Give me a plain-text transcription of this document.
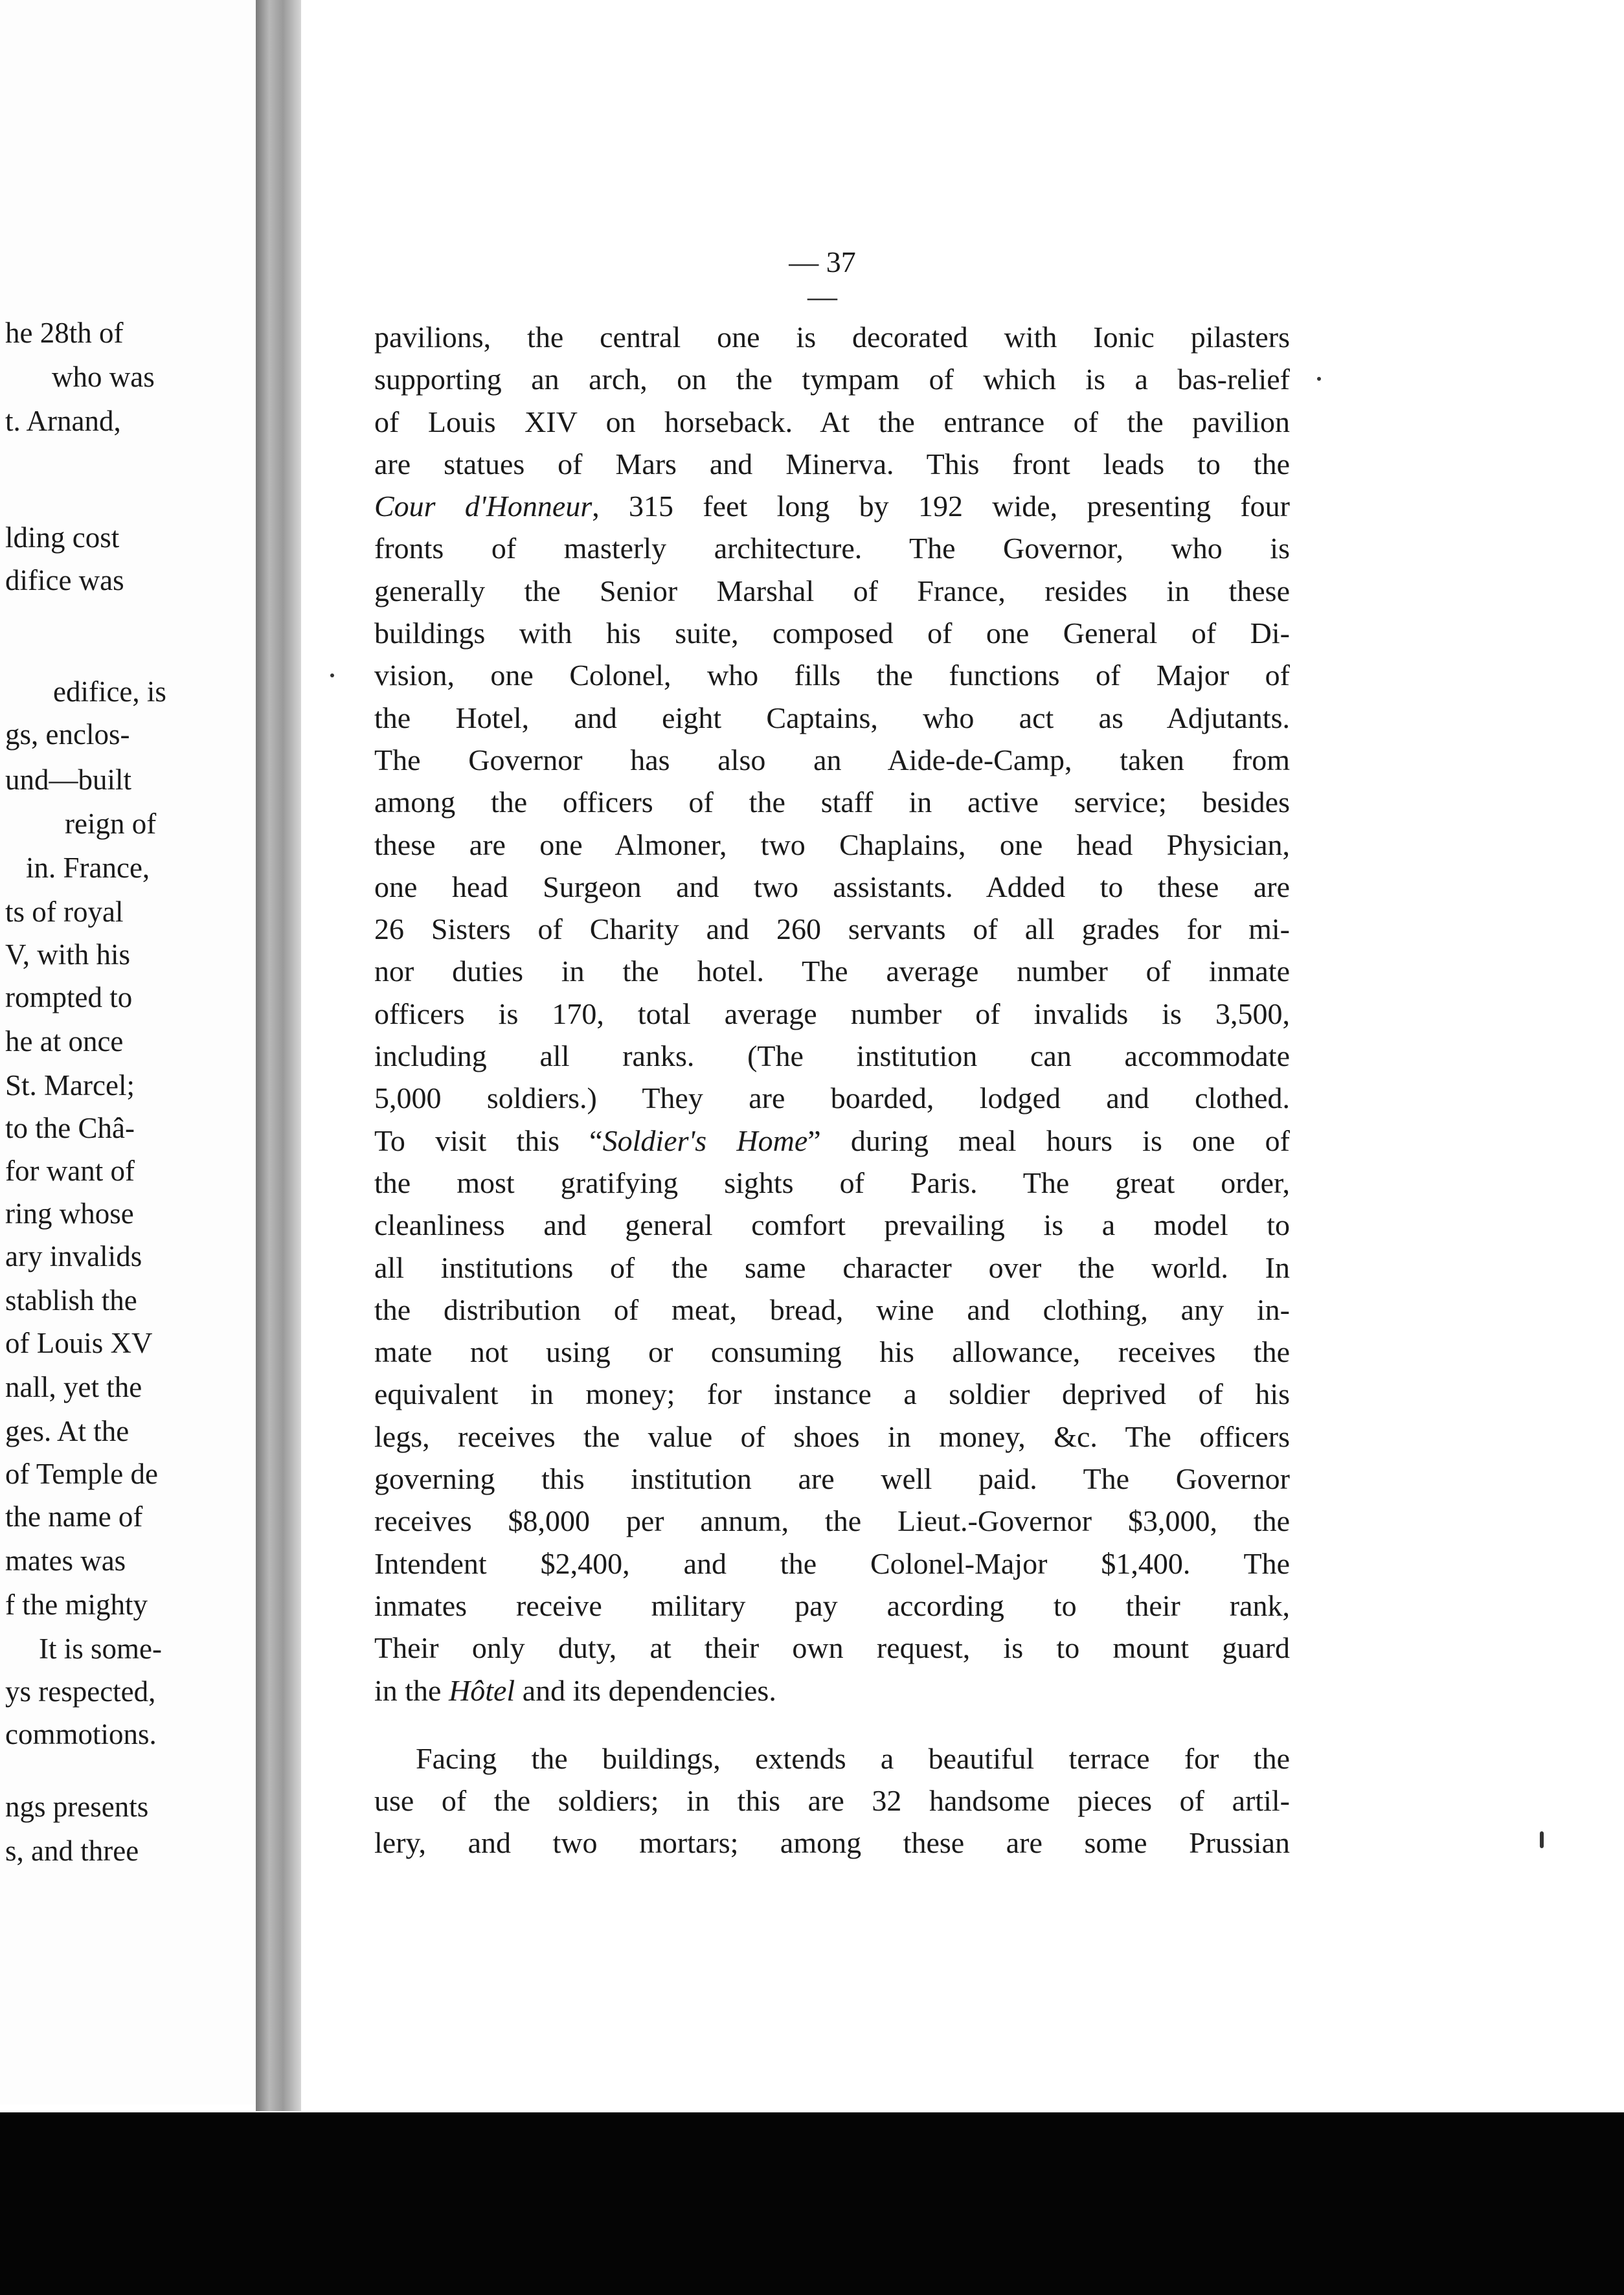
he 28th of
who was
t. Arnand,
lding cost
difice was
edifice, is
gs, enclos-
und—built
reign of
in. France,
ts of royal
V, with his
rompted to
he at once
St. Marcel;
to the Châ-
for want of
ring whose
ary invalids
stablish the
of Louis XV
nall, yet the
ges. At the
of Temple de
the name of
mates was
f the mighty
It is some-
ys respected,
commotions.
ngs presents
s, and three
— 37 —
pavilions, the central one is decorated with Ionic pilasters
supporting an arch, on the tympam of which is a bas-relief
of Louis XIV on horseback. At the entrance of the pavilion
are statues of Mars and Minerva. This front leads to the
Cour d'Honneur, 315 feet long by 192 wide, presenting four
fronts of masterly architecture. The Governor, who is
generally the Senior Marshal of France, resides in these
buildings with his suite, composed of one General of Di-
vision, one Colonel, who fills the functions of Major of
the Hotel, and eight Captains, who act as Adjutants.
The Governor has also an Aide-de-Camp, taken from
among the officers of the staff in active service; besides
these are one Almoner, two Chaplains, one head Physician,
one head Surgeon and two assistants. Added to these are
26 Sisters of Charity and 260 servants of all grades for mi-
nor duties in the hotel. The average number of inmate
officers is 170, total average number of invalids is 3,500,
including all ranks. (The institution can accommodate
5,000 soldiers.) They are boarded, lodged and clothed.
To visit this “Soldier's Home” during meal hours is one of
the most gratifying sights of Paris. The great order,
cleanliness and general comfort prevailing is a model to
all institutions of the same character over the world. In
the distribution of meat, bread, wine and clothing, any in-
mate not using or consuming his allowance, receives the
equivalent in money; for instance a soldier deprived of his
legs, receives the value of shoes in money, &c. The officers
governing this institution are well paid. The Governor
receives $8,000 per annum, the Lieut.-Governor $3,000, the
Intendent $2,400, and the Colonel-Major $1,400. The
inmates receive military pay according to their rank,
Their only duty, at their own request, is to mount guard
in the Hôtel and its dependencies.
Facing the buildings, extends a beautiful terrace for the
use of the soldiers; in this are 32 handsome pieces of artil-
lery, and two mortars; among these are some Prussian
